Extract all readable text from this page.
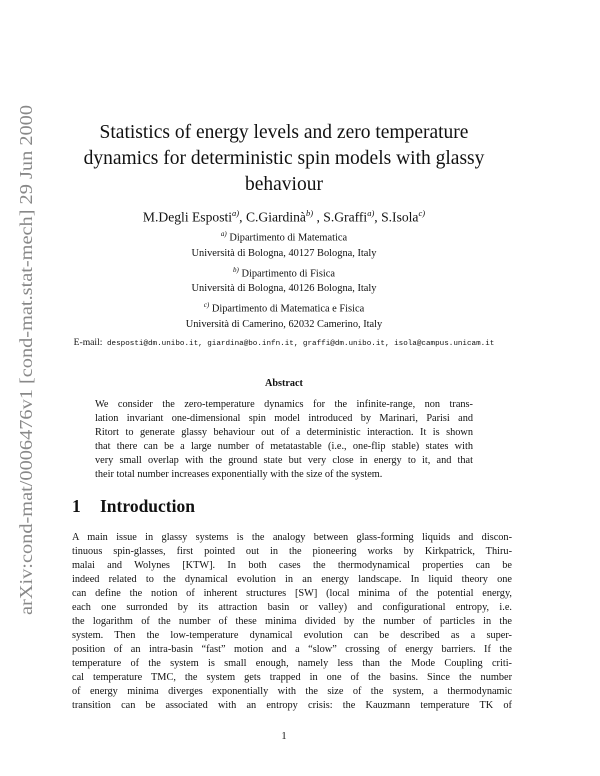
arXiv:cond-mat/0006476v1 [cond-mat.stat-mech] 29 Jun 2000
Statistics of energy levels and zero temperature
dynamics for deterministic spin models with glassy
behaviour
M.Degli Esposti$^{a)}$, C.Giardinà$^{b)}$ , S.Graffi$^{a)}$, S.Isola$^{c)}$
$^{a)}$ Dipartimento di Matematica
Università di Bologna, 40127 Bologna, Italy
$^{b)}$ Dipartimento di Fisica
Università di Bologna, 40126 Bologna, Italy
$^{c)}$ Dipartimento di Matematica e Fisica
Università di Camerino, 62032 Camerino, Italy
E-mail: desposti@dm.unibo.it, giardina@bo.infn.it, graffi@dm.unibo.it, isola@campus.unicam.it
Abstract
We consider the zero-temperature dynamics for the infinite-range, non trans-
lation invariant one-dimensional spin model introduced by Marinari, Parisi and
Ritort to generate glassy behaviour out of a deterministic interaction. It is shown
that there can be a large number of metatastable (i.e., one-flip stable) states with
very small overlap with the ground state but very close in energy to it, and that
their total number increases exponentially with the size of the system.
1 Introduction
A main issue in glassy systems is the analogy between glass-forming liquids and discon-
tinuous spin-glasses, first pointed out in the pioneering works by Kirkpatrick, Thiru-
malai and Wolynes [KTW]. In both cases the thermodynamical properties can be
indeed related to the dynamical evolution in an energy landscape. In liquid theory one
can define the notion of inherent structures [SW] (local minima of the potential energy,
each one surronded by its attraction basin or valley) and configurational entropy, i.e.
the logarithm of the number of these minima divided by the number of particles in the
system. Then the low-temperature dynamical evolution can be described as a super-
position of an intra-basin “fast” motion and a “slow” crossing of energy barriers. If the
temperature of the system is small enough, namely less than the Mode Coupling criti-
cal temperature TMC, the system gets trapped in one of the basins. Since the number
of energy minima diverges exponentially with the size of the system, a thermodynamic
transition can be associated with an entropy crisis: the Kauzmann temperature TK of
1
